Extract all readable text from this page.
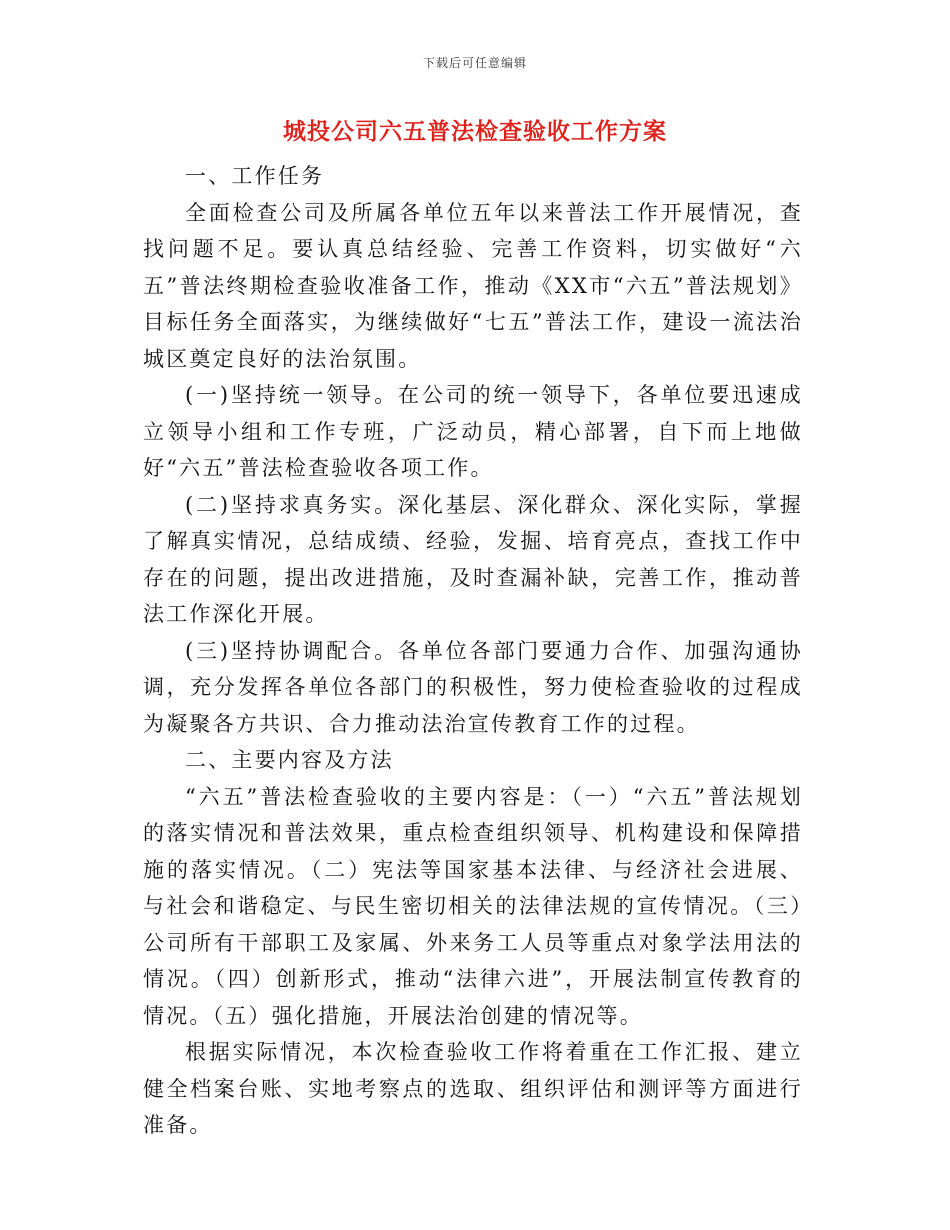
下载后可任意编辑
城投公司六五普法检查验收工作方案

一、工作任务

全面检查公司及所属各单位五年以来普法工作开展情况，查找问题不足。要认真总结经验、完善工作资料，切实做好“六五”普法终期检查验收准备工作，推动《XX市“六五”普法规划》目标任务全面落实，为继续做好“七五”普法工作，建设一流法治城区奠定良好的法治氛围。

(一)坚持统一领导。在公司的统一领导下，各单位要迅速成立领导小组和工作专班，广泛动员，精心部署，自下而上地做好“六五”普法检查验收各项工作。

(二)坚持求真务实。深化基层、深化群众、深化实际，掌握了解真实情况，总结成绩、经验，发掘、培育亮点，查找工作中存在的问题，提出改进措施，及时查漏补缺，完善工作，推动普法工作深化开展。

(三)坚持协调配合。各单位各部门要通力合作、加强沟通协调，充分发挥各单位各部门的积极性，努力使检查验收的过程成为凝聚各方共识、合力推动法治宣传教育工作的过程。

二、主要内容及方法

“六五”普法检查验收的主要内容是：（一）“六五”普法规划的落实情况和普法效果，重点检查组织领导、机构建设和保障措施的落实情况。（二）宪法等国家基本法律、与经济社会进展、与社会和谐稳定、与民生密切相关的法律法规的宣传情况。（三）公司所有干部职工及家属、外来务工人员等重点对象学法用法的情况。（四）创新形式，推动“法律六进”，开展法制宣传教育的情况。（五）强化措施，开展法治创建的情况等。

根据实际情况，本次检查验收工作将着重在工作汇报、建立健全档案台账、实地考察点的选取、组织评估和测评等方面进行准备。
